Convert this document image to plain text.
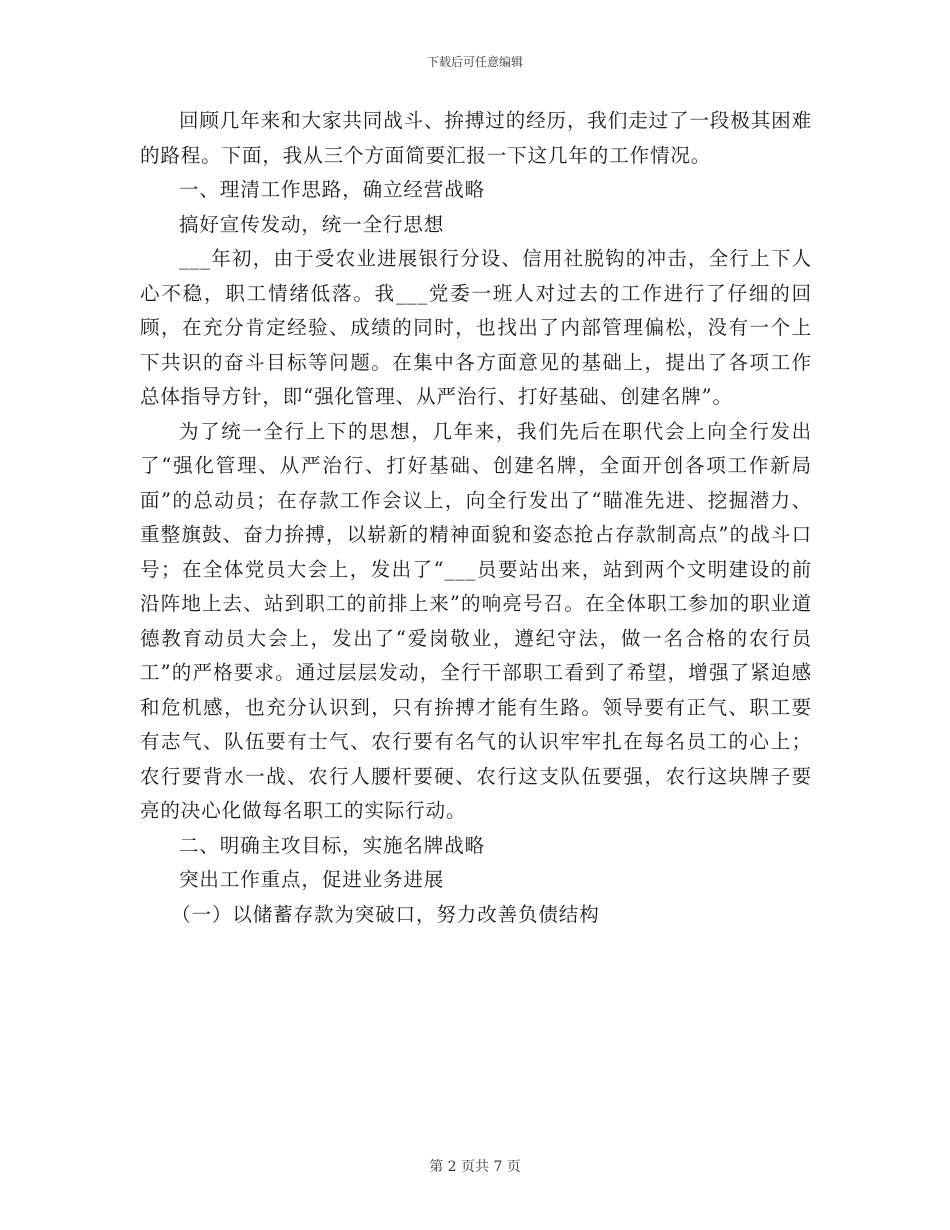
下载后可任意编辑

回顾几年来和大家共同战斗、拚搏过的经历，我们走过了一段极其困难的路程。下面，我从三个方面简要汇报一下这几年的工作情况。

一、理清工作思路，确立经营战略

搞好宣传发动，统一全行思想

___年初，由于受农业进展银行分设、信用社脱钩的冲击，全行上下人心不稳，职工情绪低落。我___党委一班人对过去的工作进行了仔细的回顾，在充分肯定经验、成绩的同时，也找出了内部管理偏松，没有一个上下共识的奋斗目标等问题。在集中各方面意见的基础上，提出了各项工作总体指导方针，即“强化管理、从严治行、打好基础、创建名牌”。

为了统一全行上下的思想，几年来，我们先后在职代会上向全行发出了“强化管理、从严治行、打好基础、创建名牌，全面开创各项工作新局面”的总动员；在存款工作会议上，向全行发出了“瞄准先进、挖掘潜力、重整旗鼓、奋力拚搏，以崭新的精神面貌和姿态抢占存款制高点”的战斗口号；在全体党员大会上，发出了“___员要站出来，站到两个文明建设的前沿阵地上去、站到职工的前排上来”的响亮号召。在全体职工参加的职业道德教育动员大会上，发出了“爱岗敬业，遵纪守法，做一名合格的农行员工”的严格要求。通过层层发动，全行干部职工看到了希望，增强了紧迫感和危机感，也充分认识到，只有拚搏才能有生路。领导要有正气、职工要有志气、队伍要有士气、农行要有名气的认识牢牢扎在每名员工的心上；农行要背水一战、农行人腰杆要硬、农行这支队伍要强，农行这块牌子要亮的决心化做每名职工的实际行动。

二、明确主攻目标，实施名牌战略

突出工作重点，促进业务进展

（一）以储蓄存款为突破口，努力改善负债结构

第 2 页共 7 页
